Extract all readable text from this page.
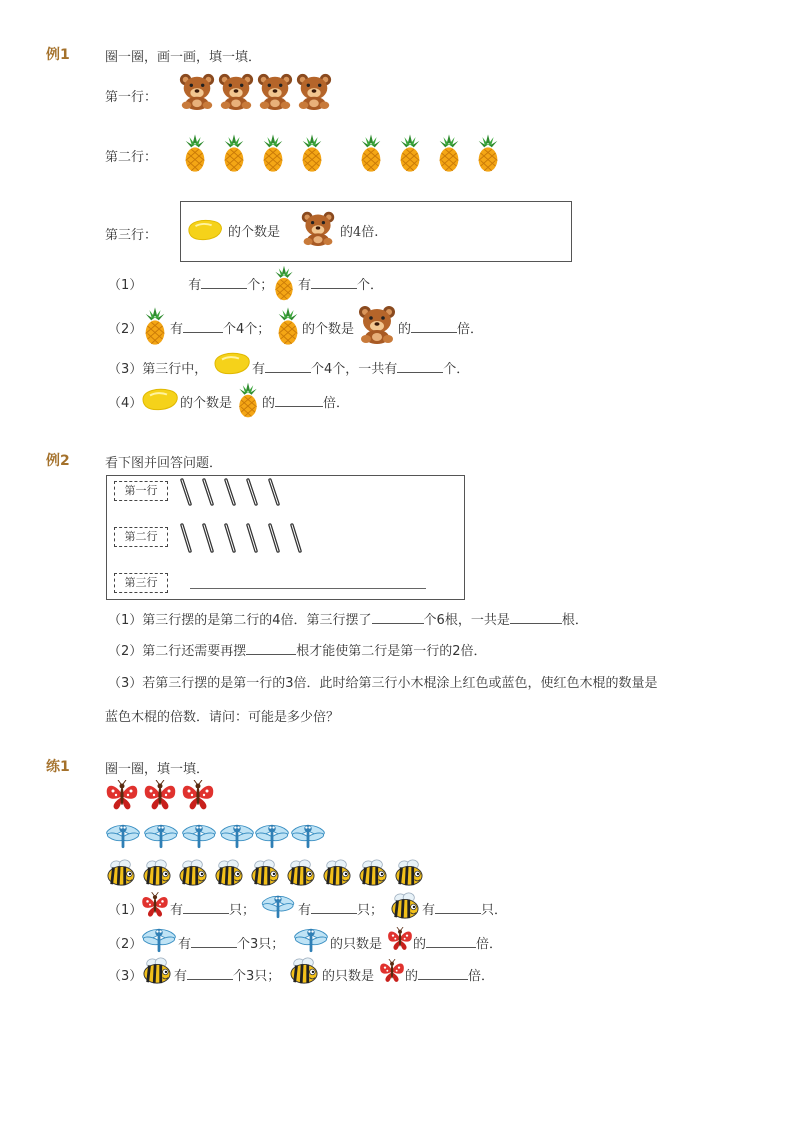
例1	圈一圈，画一画，填一填．
第一行：
第二行：
第三行：	的个数是	的4倍.
（1）	有	个； 有	个．
（2） 有	个4个； 的个数是	的	倍．
（3）第三行中，	有	个4个，一共有	个．
（4）	的个数是 的	倍．
例2	看下图并回答问题．
第一行
第二行
第三行
（1）第三行摆的是第二行的4倍．第三行摆了	个6根，一共是	根．
（2）第二行还需要再摆	根才能使第二行是第一行的2倍．
（3）若第三行摆的是第一行的3倍．此时给第三行小木棍涂上红色或蓝色，使红色木棍的数量是
蓝色木棍的倍数．请问：可能是多少倍？
练1	圈一圈，填一填．
（1） 有	只；	有	只；	有	只．
（2）	有	个3只；	的只数是 的	倍．
（3） 有	个3只；	的只数是 的	倍．
